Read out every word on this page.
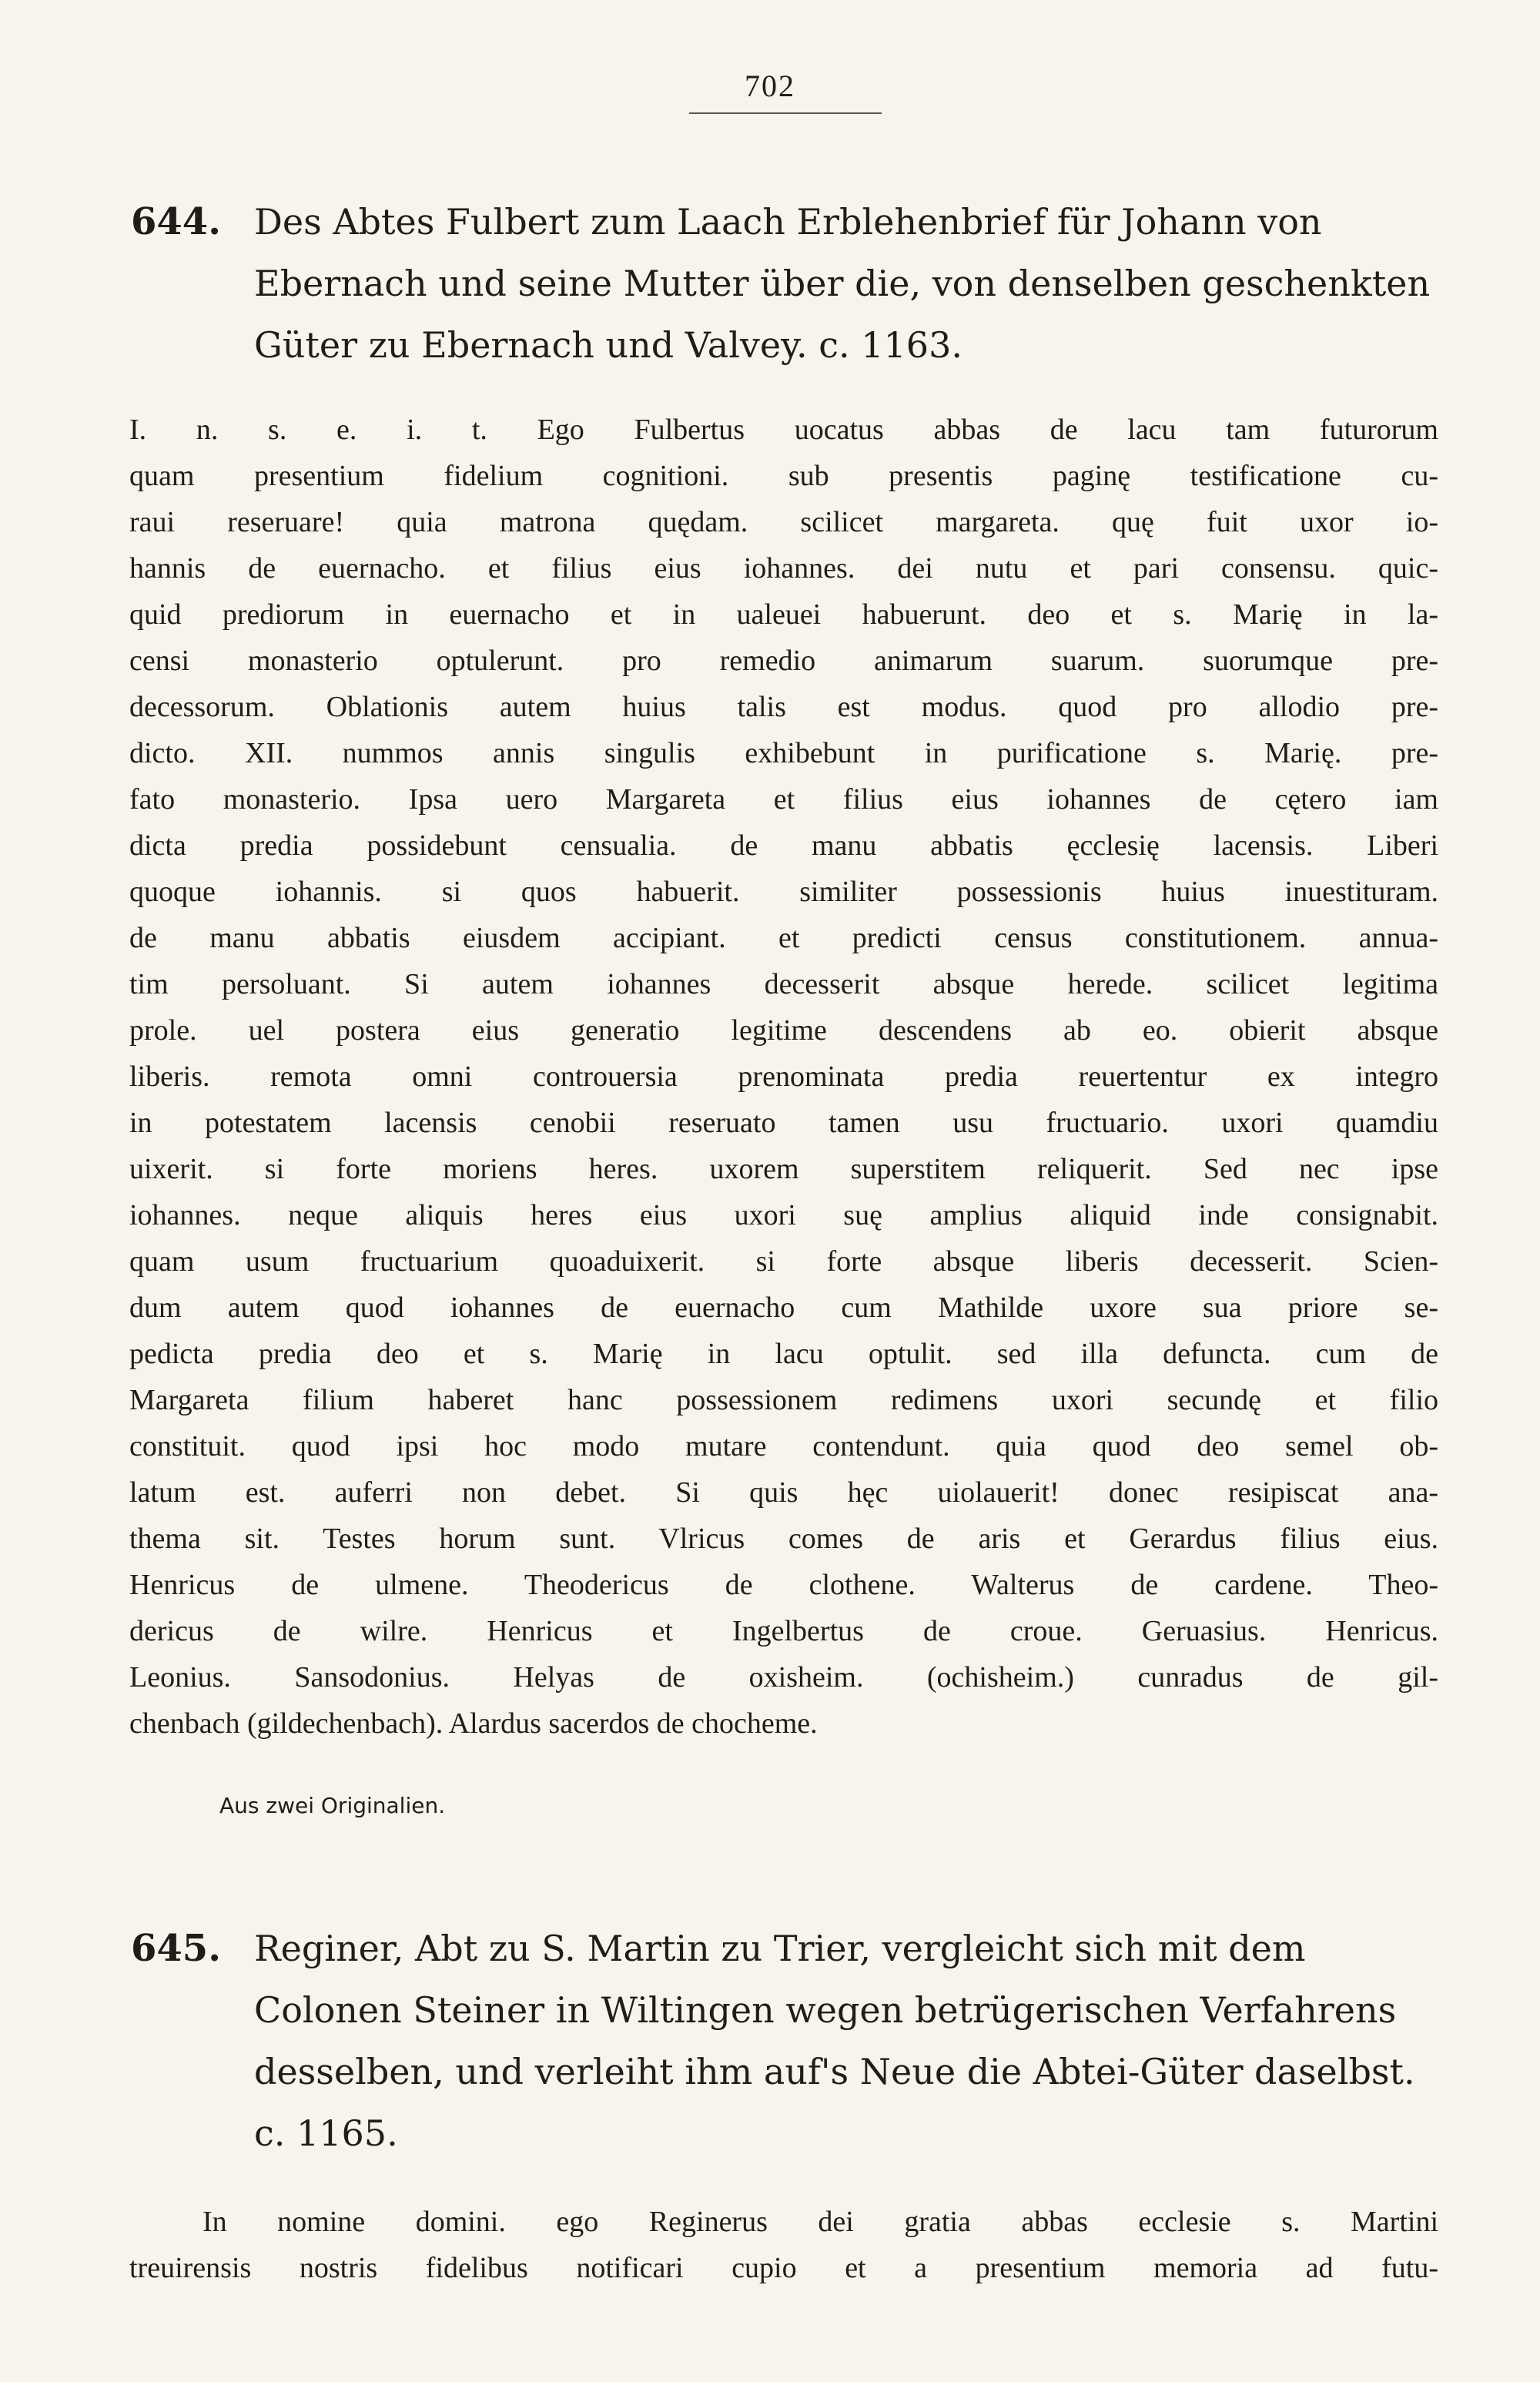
702
644. Des Abtes Fulbert zum Laach Erblehenbrief für Johann von
Ebernach und seine Mutter über die, von denselben geschenkten
Güter zu Ebernach und Valvey. c. 1163.
I. n. s. e. i. t. Ego Fulbertus uocatus abbas de lacu tam futurorum
quam presentium fidelium cognitioni. sub presentis paginę testificatione cu-
raui reseruare! quia matrona quędam. scilicet margareta. quę fuit uxor io-
hannis de euernacho. et filius eius iohannes. dei nutu et pari consensu. quic-
quid prediorum in euernacho et in ualeuei habuerunt. deo et s. Marię in la-
censi monasterio optulerunt. pro remedio animarum suarum. suorumque pre-
decessorum. Oblationis autem huius talis est modus. quod pro allodio pre-
dicto. XII. nummos annis singulis exhibebunt in purificatione s. Marię. pre-
fato monasterio. Ipsa uero Margareta et filius eius iohannes de cętero iam
dicta predia possidebunt censualia. de manu abbatis ęcclesię lacensis. Liberi
quoque iohannis. si quos habuerit. similiter possessionis huius inuestituram.
de manu abbatis eiusdem accipiant. et predicti census constitutionem. annua-
tim persoluant. Si autem iohannes decesserit absque herede. scilicet legitima
prole. uel postera eius generatio legitime descendens ab eo. obierit absque
liberis. remota omni controuersia prenominata predia reuertentur ex integro
in potestatem lacensis cenobii reseruato tamen usu fructuario. uxori quamdiu
uixerit. si forte moriens heres. uxorem superstitem reliquerit. Sed nec ipse
iohannes. neque aliquis heres eius uxori suę amplius aliquid inde consignabit.
quam usum fructuarium quoaduixerit. si forte absque liberis decesserit. Scien-
dum autem quod iohannes de euernacho cum Mathilde uxore sua priore se-
pedicta predia deo et s. Marię in lacu optulit. sed illa defuncta. cum de
Margareta filium haberet hanc possessionem redimens uxori secundę et filio
constituit. quod ipsi hoc modo mutare contendunt. quia quod deo semel ob-
latum est. auferri non debet. Si quis hęc uiolauerit! donec resipiscat ana-
thema sit. Testes horum sunt. Vlricus comes de aris et Gerardus filius eius.
Henricus de ulmene. Theodericus de clothene. Walterus de cardene. Theo-
dericus de wilre. Henricus et Ingelbertus de croue. Geruasius. Henricus.
Leonius. Sansodonius. Helyas de oxisheim. (ochisheim.) cunradus de gil-
chenbach (gildechenbach). Alardus sacerdos de chocheme.
Aus zwei Originalien.
645. Reginer, Abt zu S. Martin zu Trier, vergleicht sich mit dem
Colonen Steiner in Wiltingen wegen betrügerischen Verfahrens
desselben, und verleiht ihm auf's Neue die Abtei-Güter daselbst.
c. 1165.
In nomine domini. ego Reginerus dei gratia abbas ecclesie s. Martini
treuirensis nostris fidelibus notificari cupio et a presentium memoria ad futu-
